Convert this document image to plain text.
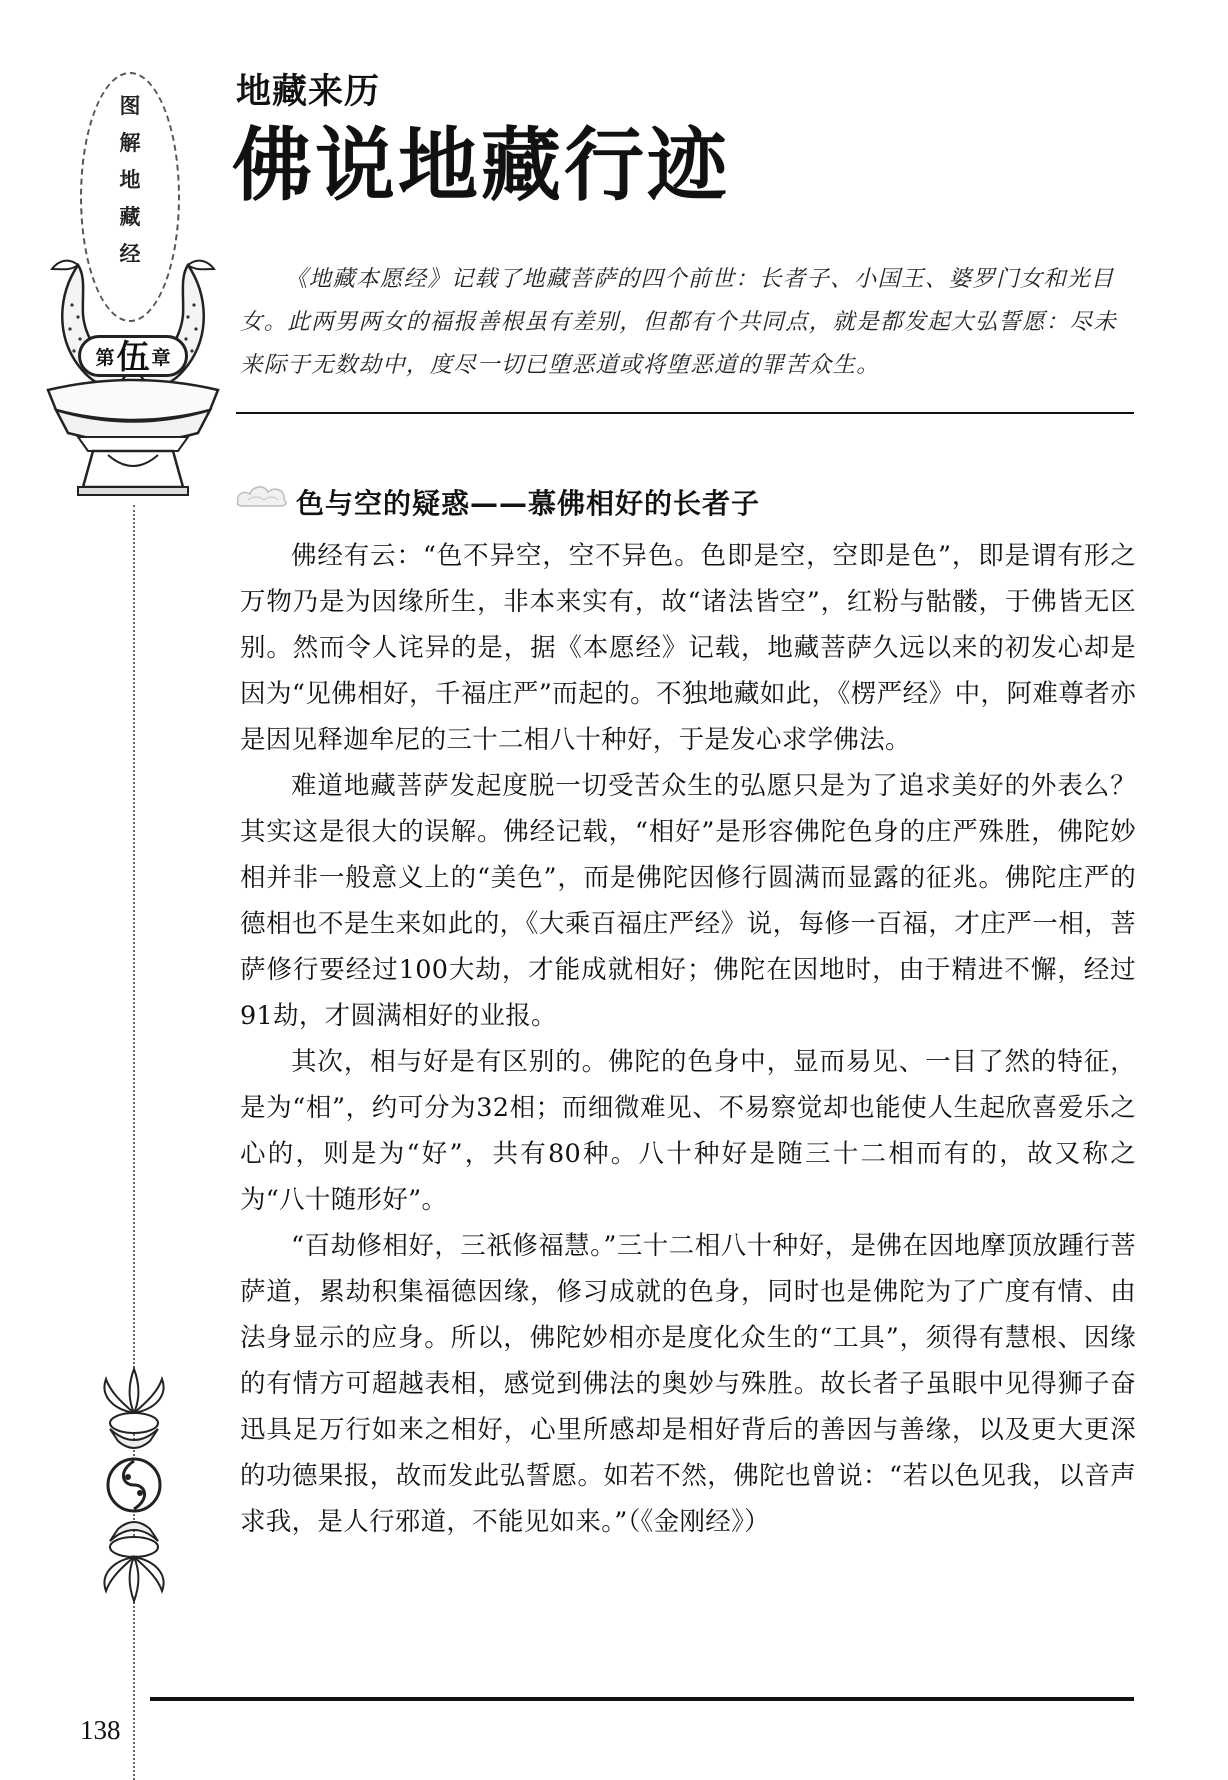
图
解
地
藏
经
第 伍 章
地藏来历
佛说地藏行迹

《地藏本愿经》记载了地藏菩萨的四个前世：长者子、小国王、婆罗门女和光目女。此两男两女的福报善根虽有差别，但都有个共同点，就是都发起大弘誓愿：尽未来际于无数劫中，度尽一切已堕恶道或将堕恶道的罪苦众生。

色与空的疑惑——慕佛相好的长者子

佛经有云：“色不异空，空不异色。色即是空，空即是色”，即是谓有形之万物乃是为因缘所生，非本来实有，故“诸法皆空”，红粉与骷髅，于佛皆无区别。然而令人诧异的是，据《本愿经》记载，地藏菩萨久远以来的初发心却是因为“见佛相好，千福庄严”而起的。不独地藏如此，《楞严经》中，阿难尊者亦是因见释迦牟尼的三十二相八十种好，于是发心求学佛法。

难道地藏菩萨发起度脱一切受苦众生的弘愿只是为了追求美好的外表么？其实这是很大的误解。佛经记载，“相好”是形容佛陀色身的庄严殊胜，佛陀妙相并非一般意义上的“美色”，而是佛陀因修行圆满而显露的征兆。佛陀庄严的德相也不是生来如此的，《大乘百福庄严经》说，每修一百福，才庄严一相，菩萨修行要经过100大劫，才能成就相好；佛陀在因地时，由于精进不懈，经过91劫，才圆满相好的业报。

其次，相与好是有区别的。佛陀的色身中，显而易见、一目了然的特征，是为“相”，约可分为32相；而细微难见、不易察觉却也能使人生起欣喜爱乐之心的，则是为“好”，共有80种。八十种好是随三十二相而有的，故又称之为“八十随形好”。

“百劫修相好，三祇修福慧。”三十二相八十种好，是佛在因地摩顶放踵行菩萨道，累劫积集福德因缘，修习成就的色身，同时也是佛陀为了广度有情、由法身显示的应身。所以，佛陀妙相亦是度化众生的“工具”，须得有慧根、因缘的有情方可超越表相，感觉到佛法的奥妙与殊胜。故长者子虽眼中见得狮子奋迅具足万行如来之相好，心里所感却是相好背后的善因与善缘，以及更大更深的功德果报，故而发此弘誓愿。如若不然，佛陀也曾说：“若以色见我，以音声求我，是人行邪道，不能见如来。”（《金刚经》）

138
